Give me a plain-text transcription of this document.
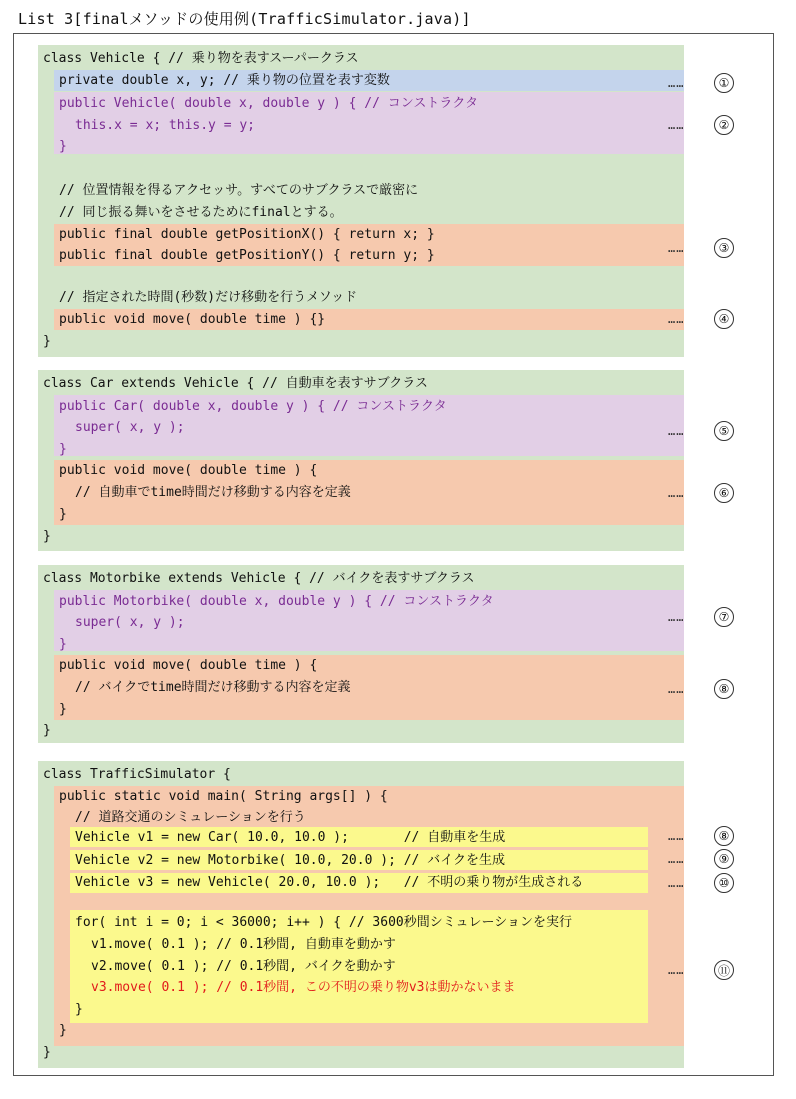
List 3[finalメソッドの使用例(TrafficSimulator.java)]
class Vehicle { // 乗り物を表すスーパークラス
private double x, y; // 乗り物の位置を表す変数
public Vehicle( double x, double y ) { // コンストラクタ
this.x = x; this.y = y;
}
// 位置情報を得るアクセッサ。すべてのサブクラスで厳密に
// 同じ振る舞いをさせるためにfinalとする。
public final double getPositionX() { return x; }
public final double getPositionY() { return y; }
// 指定された時間(秒数)だけ移動を行うメソッド
public void move( double time ) {}
}
class Car extends Vehicle { // 自動車を表すサブクラス
public Car( double x, double y ) { // コンストラクタ
super( x, y );
}
public void move( double time ) {
// 自動車でtime時間だけ移動する内容を定義
}
}
class Motorbike extends Vehicle { // バイクを表すサブクラス
public Motorbike( double x, double y ) { // コンストラクタ
super( x, y );
}
public void move( double time ) {
// バイクでtime時間だけ移動する内容を定義
}
}
class TrafficSimulator {
public static void main( String args[] ) {
// 道路交通のシミュレーションを行う
Vehicle v1 = new Car( 10.0, 10.0 );       // 自動車を生成
Vehicle v2 = new Motorbike( 10.0, 20.0 ); // バイクを生成
Vehicle v3 = new Vehicle( 20.0, 10.0 );   // 不明の乗り物が生成される
for( int i = 0; i < 36000; i++ ) { // 3600秒間シミュレーションを実行
v1.move( 0.1 ); // 0.1秒間, 自動車を動かす
v2.move( 0.1 ); // 0.1秒間, バイクを動かす
v3.move( 0.1 ); // 0.1秒間, この不明の乗り物v3は動かないまま
}
}
}
……	①
……	②
……	③
……	④
……	⑤
……	⑥
……	⑦
……	⑧
……	⑧
……	⑨
……	⑩
……	⑪
